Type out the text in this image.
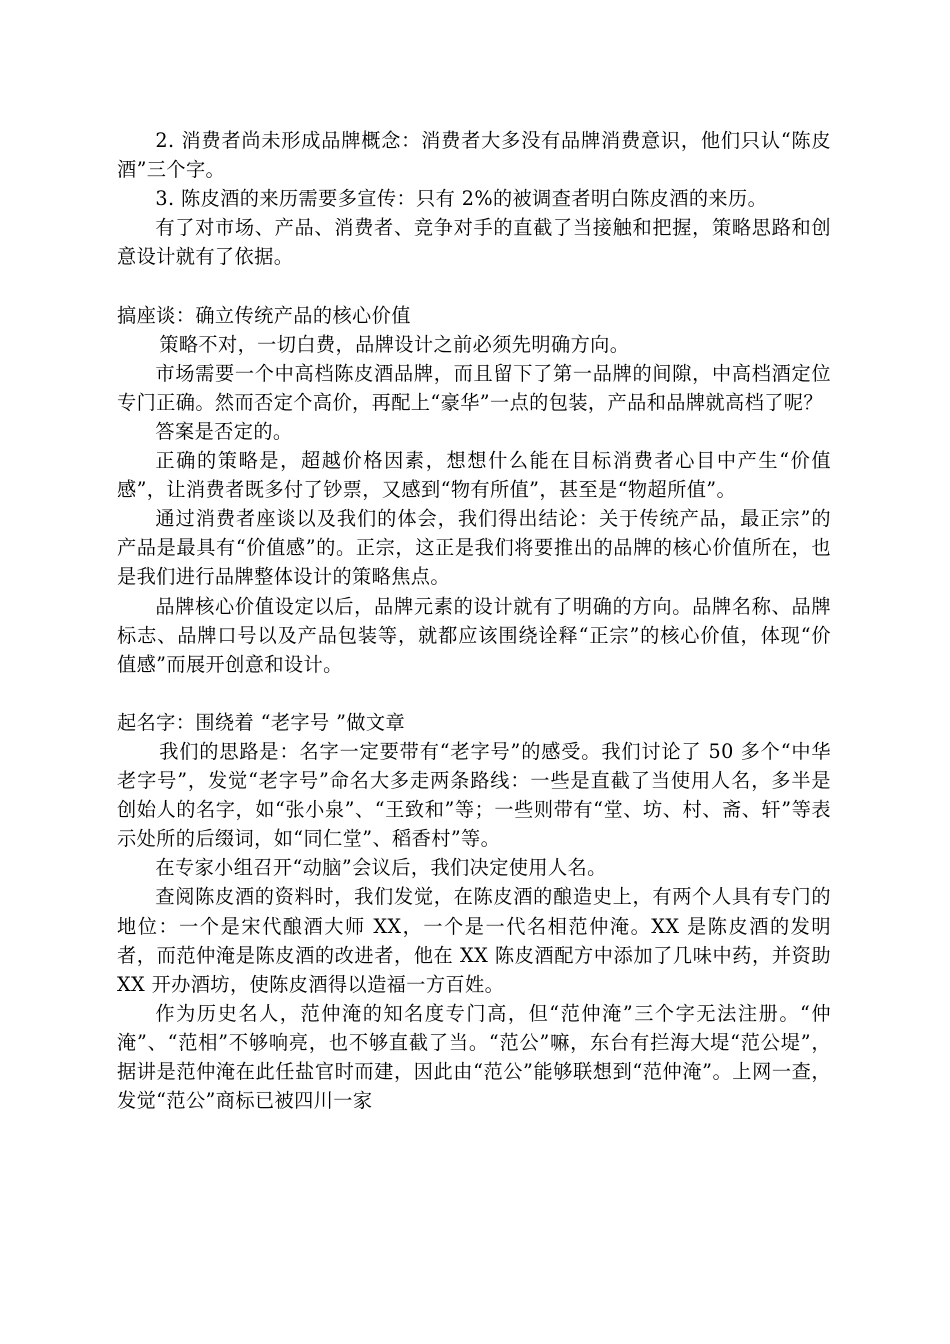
2. 消费者尚未形成品牌概念：消费者大多没有品牌消费意识，他们只认“陈皮酒”三个字。

3. 陈皮酒的来历需要多宣传：只有 2%的被调查者明白陈皮酒的来历。

有了对市场、产品、消费者、竞争对手的直截了当接触和把握，策略思路和创意设计就有了依据。

搞座谈：确立传统产品的核心价值

策略不对，一切白费，品牌设计之前必须先明确方向。

市场需要一个中高档陈皮酒品牌，而且留下了第一品牌的间隙，中高档酒定位专门正确。然而否定个高价，再配上“豪华”一点的包装，产品和品牌就高档了呢？

答案是否定的。

正确的策略是，超越价格因素，想想什么能在目标消费者心目中产生“价值感”，让消费者既多付了钞票，又感到“物有所值”，甚至是“物超所值”。

通过消费者座谈以及我们的体会，我们得出结论：关于传统产品，最正宗”的产品是最具有“价值感”的。正宗，这正是我们将要推出的品牌的核心价值所在，也是我们进行品牌整体设计的策略焦点。

品牌核心价值设定以后，品牌元素的设计就有了明确的方向。品牌名称、品牌标志、品牌口号以及产品包装等，就都应该围绕诠释“正宗”的核心价值，体现“价值感”而展开创意和设计。

起名字：围绕着 “老字号 ”做文章

我们的思路是：名字一定要带有“老字号”的感受。我们讨论了 50 多个“中华老字号”，发觉“老字号”命名大多走两条路线：一些是直截了当使用人名，多半是创始人的名字，如“张小泉”、“王致和”等；一些则带有“堂、坊、村、斋、轩”等表示处所的后缀词，如“同仁堂”、稻香村”等。

在专家小组召开“动脑”会议后，我们决定使用人名。

查阅陈皮酒的资料时，我们发觉，在陈皮酒的酿造史上，有两个人具有专门的地位：一个是宋代酿酒大师 XX，一个是一代名相范仲淹。XX 是陈皮酒的发明者，而范仲淹是陈皮酒的改进者，他在 XX 陈皮酒配方中添加了几味中药，并资助 XX 开办酒坊，使陈皮酒得以造福一方百姓。

作为历史名人，范仲淹的知名度专门高，但“范仲淹”三个字无法注册。“仲淹”、“范相”不够响亮，也不够直截了当。“范公”嘛，东台有拦海大堤“范公堤”，据讲是范仲淹在此任盐官时而建，因此由“范公”能够联想到“范仲淹”。上网一查，发觉“范公”商标已被四川一家
